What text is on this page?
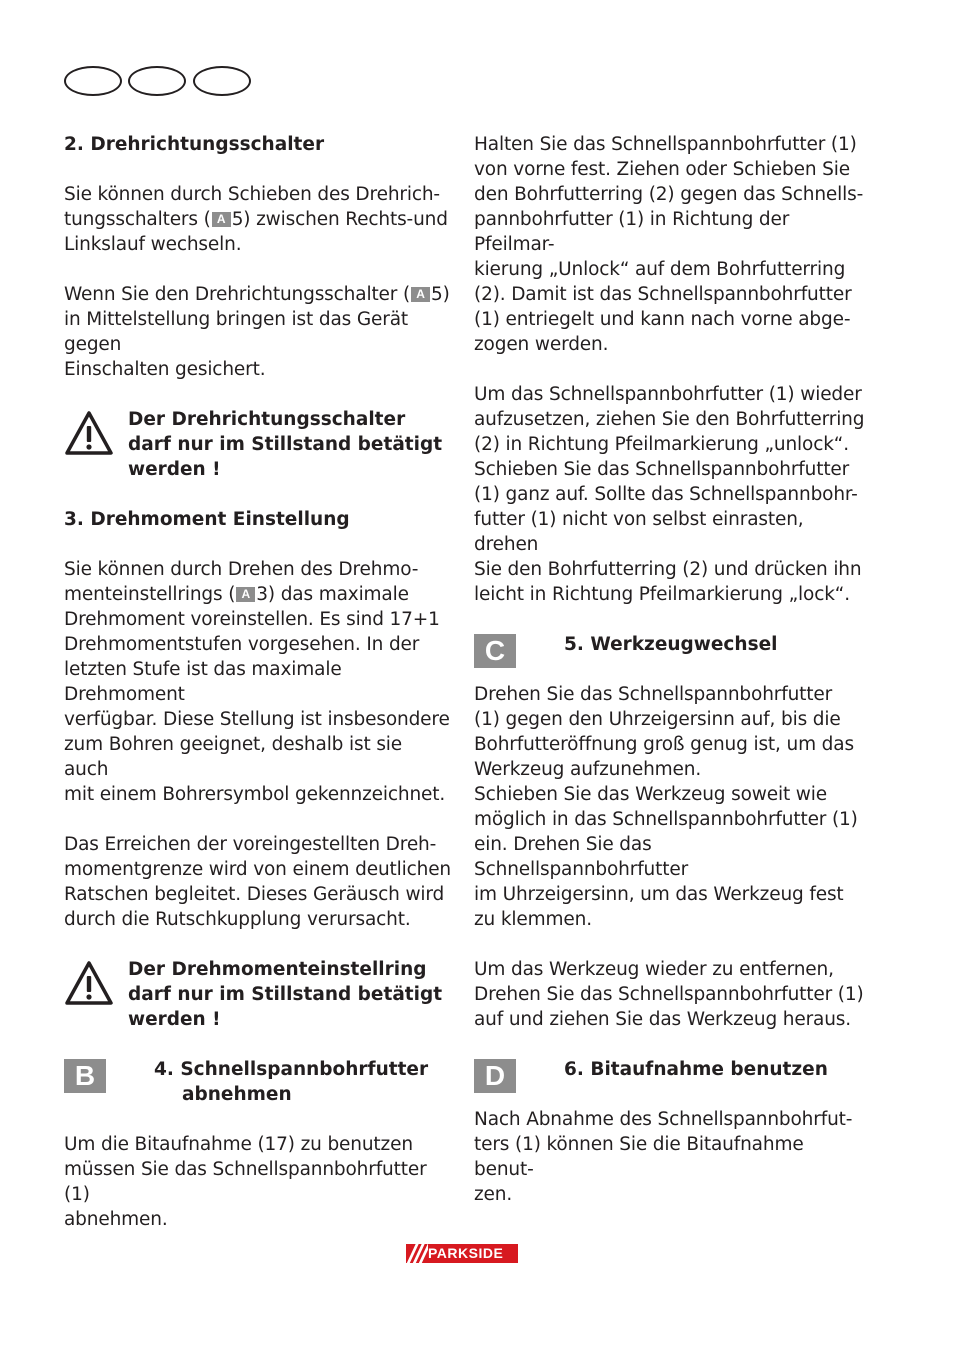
2. Drehrichtungsschalter

Sie können durch Schieben des Drehrich-
tungsschalters ( A 5) zwischen Rechts-und
Linkslauf wechseln.

Wenn Sie den Drehrichtungsschalter ( A 5)
in Mittelstellung bringen ist das Gerät gegen
Einschalten gesichert.

Der Drehrichtungsschalter
darf nur im Stillstand betätigt
werden !
3. Drehmoment Einstellung

Sie können durch Drehen des Drehmo-
menteinstellrings ( A 3) das maximale
Drehmoment voreinstellen. Es sind 17+1
Drehmomentstufen vorgesehen. In der
letzten Stufe ist das maximale Drehmoment
verfügbar. Diese Stellung ist insbesondere
zum Bohren geeignet, deshalb ist sie auch
mit einem Bohrersymbol gekennzeichnet.

Das Erreichen der voreingestellten Dreh-
momentgrenze wird von einem deutlichen
Ratschen begleitet. Dieses Geräusch wird
durch die Rutschkupplung verursacht.

Der Drehmomenteinstellring
darf nur im Stillstand betätigt
werden !
B	4. Schnellspannbohrfutter
abnehmen

Um die Bitaufnahme (17) zu benutzen
müssen Sie das Schnellspannbohrfutter (1)
abnehmen.

Halten Sie das Schnellspannbohrfutter (1)
von vorne fest. Ziehen oder Schieben Sie
den Bohrfutterring (2) gegen das Schnells-
pannbohrfutter (1) in Richtung der Pfeilmar-
kierung „Unlock“ auf dem Bohrfutterring
(2). Damit ist das Schnellspannbohrfutter
(1) entriegelt und kann nach vorne abge-
zogen werden.

Um das Schnellspannbohrfutter (1) wieder
aufzusetzen, ziehen Sie den Bohrfutterring
(2) in Richtung Pfeilmarkierung „unlock“.
Schieben Sie das Schnellspannbohrfutter
(1) ganz auf. Sollte das Schnellspannbohr-
futter (1) nicht von selbst einrasten, drehen
Sie den Bohrfutterring (2) und drücken ihn
leicht in Richtung Pfeilmarkierung „lock“.

C	5. Werkzeugwechsel

Drehen Sie das Schnellspannbohrfutter
(1) gegen den Uhrzeigersinn auf, bis die
Bohrfutteröffnung groß genug ist, um das
Werkzeug aufzunehmen.
Schieben Sie das Werkzeug soweit wie
möglich in das Schnellspannbohrfutter (1)
ein. Drehen Sie das Schnellspannbohrfutter
im Uhrzeigersinn, um das Werkzeug fest
zu klemmen.

Um das Werkzeug wieder zu entfernen,
Drehen Sie das Schnellspannbohrfutter (1)
auf und ziehen Sie das Werkzeug heraus.

D	6. Bitaufnahme benutzen

Nach Abnahme des Schnellspannbohrfut-
ters (1) können Sie die Bitaufnahme benut-
zen.

PARKSIDE
